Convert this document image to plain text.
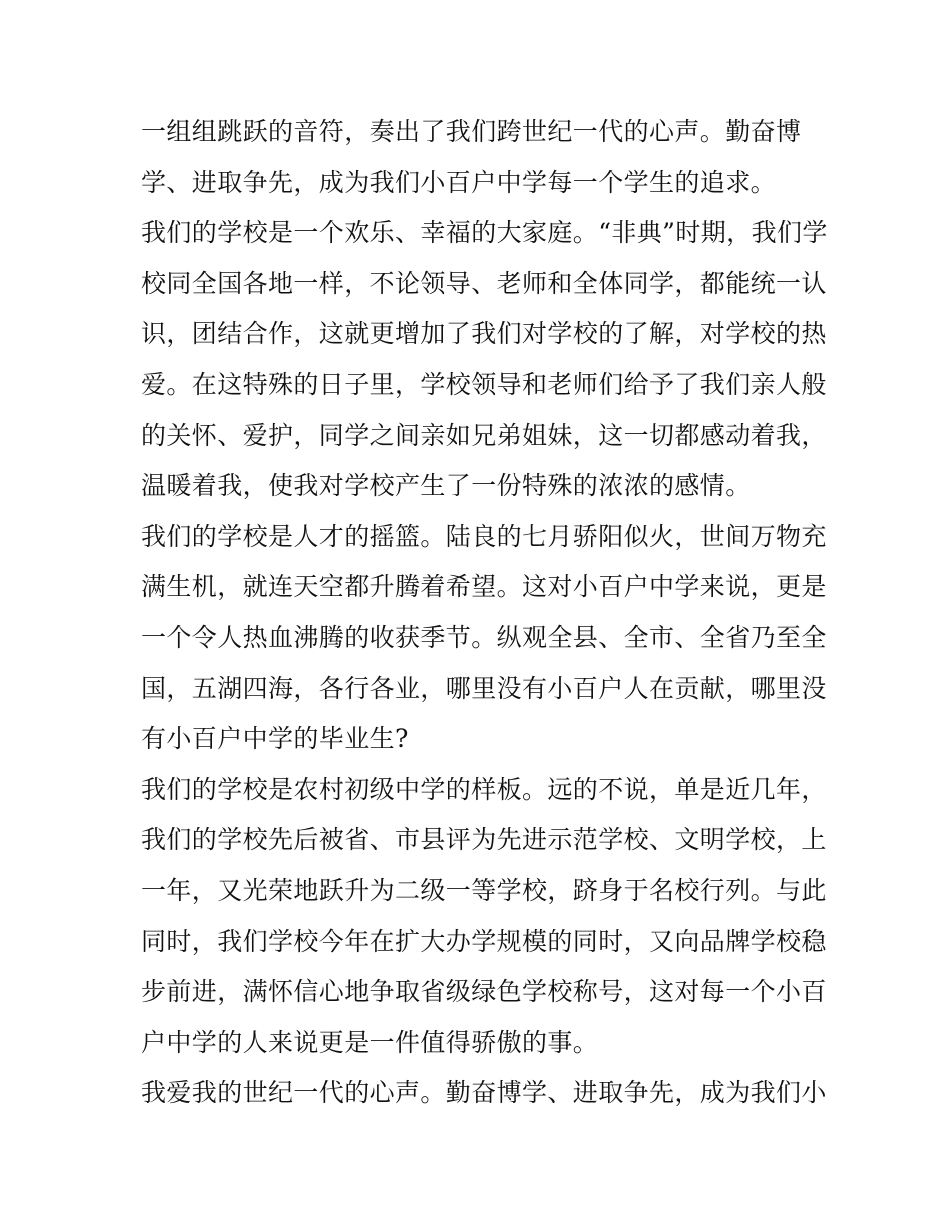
一组组跳跃的音符，奏出了我们跨世纪一代的心声。勤奋博
学、进取争先，成为我们小百户中学每一个学生的追求。
我们的学校是一个欢乐、幸福的大家庭。“非典”时期，我们学
校同全国各地一样，不论领导、老师和全体同学，都能统一认
识，团结合作，这就更增加了我们对学校的了解，对学校的热
爱。在这特殊的日子里，学校领导和老师们给予了我们亲人般
的关怀、爱护，同学之间亲如兄弟姐妹，这一切都感动着我，
温暖着我，使我对学校产生了一份特殊的浓浓的感情。
我们的学校是人才的摇篮。陆良的七月骄阳似火，世间万物充
满生机，就连天空都升腾着希望。这对小百户中学来说，更是
一个令人热血沸腾的收获季节。纵观全县、全市、全省乃至全
国，五湖四海，各行各业，哪里没有小百户人在贡献，哪里没
有小百户中学的毕业生?
我们的学校是农村初级中学的样板。远的不说，单是近几年，
我们的学校先后被省、市县评为先进示范学校、文明学校，上
一年，又光荣地跃升为二级一等学校，跻身于名校行列。与此
同时，我们学校今年在扩大办学规模的同时，又向品牌学校稳
步前进，满怀信心地争取省级绿色学校称号，这对每一个小百
户中学的人来说更是一件值得骄傲的事。
我爱我的世纪一代的心声。勤奋博学、进取争先，成为我们小
